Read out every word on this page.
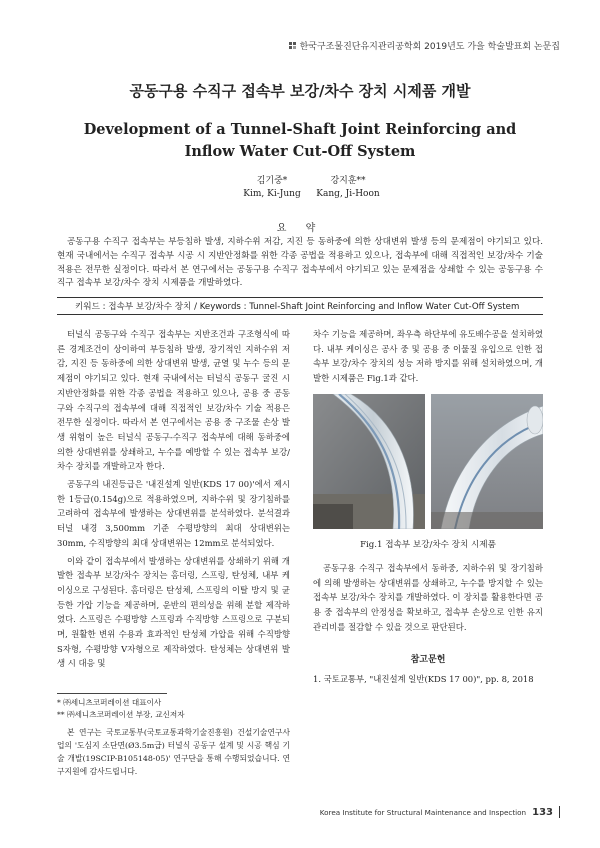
한국구조물진단유지관리공학회 2019년도 가을 학술발표회 논문집
공동구용 수직구 접속부 보강/차수 장치 시제품 개발
Development of a Tunnel-Shaft Joint Reinforcing and Inflow Water Cut-Off System
김기중*
Kim, Ki-Jung
강지훈**
Kang, Ji-Hoon
요 약
공동구용 수직구 접속부는 부등침하 발생, 지하수위 저감, 지진 등 동하중에 의한 상대변위 발생 등의 문제점이 야기되고 있다. 현재 국내에서는 수직구 접속부 시공 시 지반안정화를 위한 각종 공법을 적용하고 있으나, 접속부에 대해 직접적인 보강/차수 기술 적용은 전무한 실정이다. 따라서 본 연구에서는 공동구용 수직구 접속부에서 야기되고 있는 문제점을 상쇄할 수 있는 공동구용 수직구 접속부 보강/차수 장치 시제품을 개발하였다.
키워드 : 접속부 보강/차수 장치 / Keywords : Tunnel-Shaft Joint Reinforcing and Inflow Water Cut-Off System

터널식 공동구와 수직구 접속부는 지반조건과 구조형식에 따른 경계조건이 상이하여 부등침하 발생, 장기적인 지하수위 저감, 지진 등 동하중에 의한 상대변위 발생, 균열 및 누수 등의 문제점이 야기되고 있다. 현재 국내에서는 터널식 공동구 굴진 시 지반안정화를 위한 각종 공법을 적용하고 있으나, 공용 중 공동구와 수직구의 접속부에 대해 직접적인 보강/차수 기술 적용은 전무한 실정이다. 따라서 본 연구에서는 공용 중 구조물 손상 발생 위험이 높은 터널식 공동구-수직구 접속부에 대해 동하중에 의한 상대변위를 상쇄하고, 누수를 예방할 수 있는 접속부 보강/차수 장치를 개발하고자 한다.

공동구의 내진등급은 '내진설계 일반(KDS 17 00)'에서 제시한 1등급(0.154g)으로 적용하였으며, 지하수위 및 장기침하를 고려하여 접속부에 발생하는 상대변위를 분석하였다. 분석결과 터널 내경 3,500mm 기준 수평방향의 최대 상대변위는 30mm, 수직방향의 최대 상대변위는 12mm로 분석되었다.

이와 같이 접속부에서 발생하는 상대변위를 상쇄하기 위해 개발한 접속부 보강/차수 장치는 홈더링, 스프링, 탄성체, 내부 케이싱으로 구성된다. 홈더링은 탄성체, 스프링의 이탈 방지 및 균등한 가압 기능을 제공하며, 운반의 편의성을 위해 분할 제작하였다. 스프링은 수평방향 스프링과 수직방향 스프링으로 구분되며, 원활한 변위 수용과 효과적인 탄성체 가압을 위해 수직방향 S자형, 수평방향 V자형으로 제작하였다. 탄성체는 상대변위 발생 시 대응 및

차수 기능을 제공하며, 좌우측 하단부에 유도배수공을 설치하였다. 내부 케이싱은 공사 중 및 공용 중 이물질 유입으로 인한 접속부 보강/차수 장치의 성능 저하 방지를 위해 설치하였으며, 개발한 시제품은 Fig.1과 같다.

Fig.1 접속부 보강/차수 장치 시제품

공동구용 수직구 접속부에서 동하중, 지하수위 및 장기침하에 의해 발생하는 상대변위를 상쇄하고, 누수를 방지할 수 있는 접속부 보강/차수 장치를 개발하였다. 이 장치를 활용한다면 공용 중 접속부의 안정성을 확보하고, 접속부 손상으로 인한 유지관리비를 절감할 수 있을 것으로 판단된다.

참고문헌
1. 국토교통부, "내진설계 일반(KDS 17 00)", pp. 8, 2018

* ㈜세니츠코퍼레이션 대표이사

** ㈜세니츠코퍼레이션 부장, 교신저자

본 연구는 국토교통부(국토교통과학기술진흥원) 건설기술연구사업의 '도심지 소단면(Ø3.5m급) 터널식 공동구 설계 및 시공 핵심 기술 개발(19SCIP-B105148-05)' 연구단을 통해 수행되었습니다. 연구지원에 감사드립니다.
Korea Institute for Structural Maintenance and Inspection 133
